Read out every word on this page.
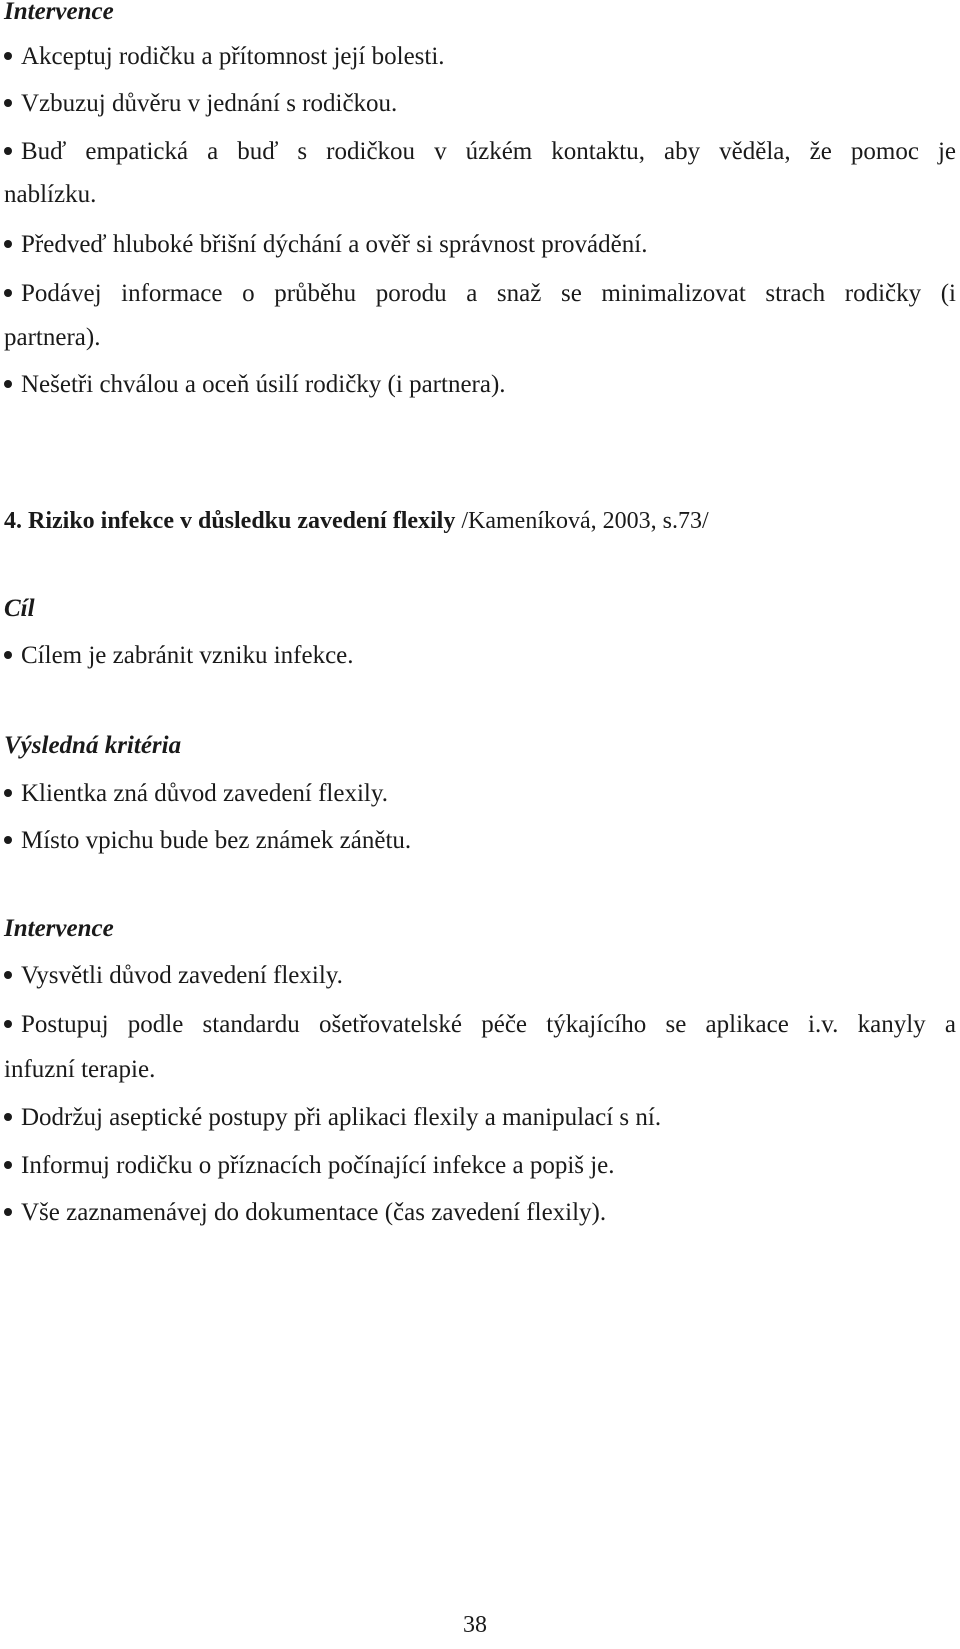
Intervence
Akceptuj rodičku a přítomnost její bolesti.
Vzbuzuj důvěru v jednání s rodičkou.
Buď empatická a buď s rodičkou v úzkém kontaktu, aby věděla, že pomoc je
nablízku.
Předveď hluboké břišní dýchání a ověř si správnost provádění.
Podávej informace o průběhu porodu a snaž se minimalizovat strach rodičky (i
partnera).
Nešetři chválou a oceň úsilí rodičky (i partnera).
4. Riziko infekce v důsledku zavedení flexily /Kameníková, 2003, s.73/
Cíl
Cílem je zabránit vzniku infekce.
Výsledná kritéria
Klientka zná důvod zavedení flexily.
Místo vpichu bude bez známek zánětu.
Intervence
Vysvětli důvod zavedení flexily.
Postupuj podle standardu ošetřovatelské péče týkajícího se aplikace i.v. kanyly a
infuzní terapie.
Dodržuj aseptické postupy při aplikaci flexily a manipulací s ní.
Informuj rodičku o příznacích počínající infekce a popiš je.
Vše zaznamenávej do dokumentace (čas zavedení flexily).
38
